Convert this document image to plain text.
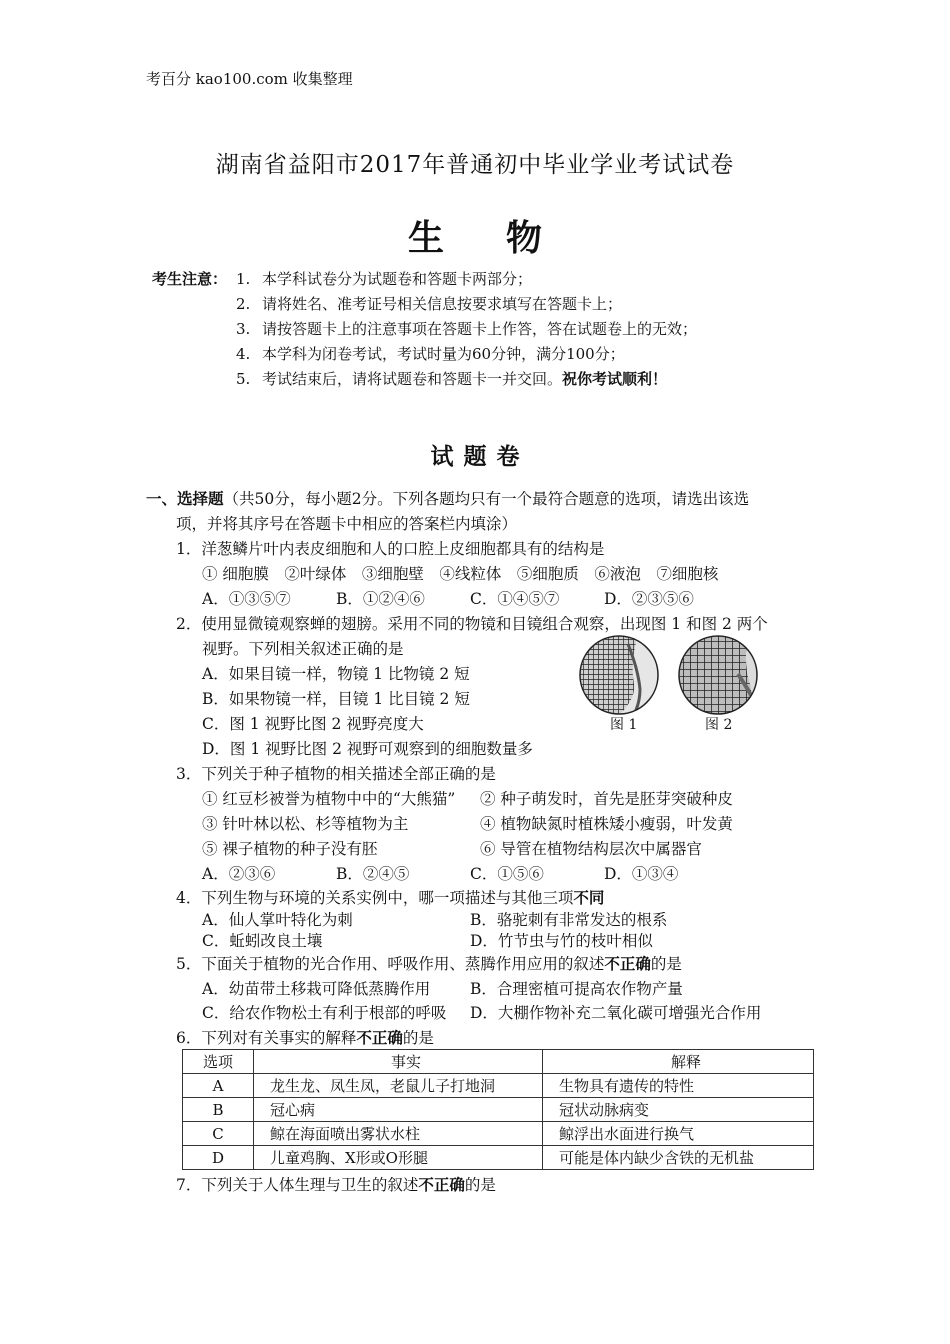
考百分 kao100.com 收集整理
湖南省益阳市2017年普通初中毕业学业考试试卷
生物
考生注意： 1. 本学科试卷分为试题卷和答题卡两部分；
2. 请将姓名、准考证号相关信息按要求填写在答题卡上；
3. 请按答题卡上的注意事项在答题卡上作答，答在试题卷上的无效；
4. 本学科为闭卷考试，考试时量为60分钟，满分100分；
5. 考试结束后，请将试题卷和答题卡一并交回。祝你考试顺利！
试题卷
一、选择题（共50分，每小题2分。下列各题均只有一个最符合题意的选项，请选出该选
项，并将其序号在答题卡中相应的答案栏内填涂）
1．洋葱鳞片叶内表皮细胞和人的口腔上皮细胞都具有的结构是
① 细胞膜　②叶绿体　③细胞壁　④线粒体　⑤细胞质　⑥液泡　⑦细胞核
A．①③⑤⑦	B．①②④⑥	C．①④⑤⑦	D．②③⑤⑥
2．使用显微镜观察蝉的翅膀。采用不同的物镜和目镜组合观察，出现图 1 和图 2 两个
视野。下列相关叙述正确的是
A．如果目镜一样，物镜 1 比物镜 2 短
B．如果物镜一样，目镜 1 比目镜 2 短
C．图 1 视野比图 2 视野亮度大
D．图 1 视野比图 2 视野可观察到的细胞数量多
图 1	图 2
3．下列关于种子植物的相关描述全部正确的是
① 红豆杉被誉为植物中中的“大熊猫” ② 种子萌发时，首先是胚芽突破种皮
③ 针叶林以松、杉等植物为主	④ 植物缺氮时植株矮小瘦弱，叶发黄
⑤ 裸子植物的种子没有胚	⑥ 导管在植物结构层次中属器官
A．②③⑥	B．②④⑤	C．①⑤⑥	D．①③④
4．下列生物与环境的关系实例中，哪一项描述与其他三项不同
A．仙人掌叶特化为刺	B．骆驼刺有非常发达的根系
C．蚯蚓改良土壤	D．竹节虫与竹的枝叶相似
5．下面关于植物的光合作用、呼吸作用、蒸腾作用应用的叙述不正确的是
A．幼苗带土移栽可降低蒸腾作用	B．合理密植可提高农作物产量
C．给农作物松土有利于根部的呼吸 D．大棚作物补充二氧化碳可增强光合作用
6．下列对有关事实的解释不正确的是
选项	事实	解释
A	龙生龙、凤生凤，老鼠儿子打地洞	生物具有遗传的特性
B	冠心病	冠状动脉病变
C	鲸在海面喷出雾状水柱	鲸浮出水面进行换气
D	儿童鸡胸、X形或O形腿	可能是体内缺少含铁的无机盐
7．下列关于人体生理与卫生的叙述不正确的是
